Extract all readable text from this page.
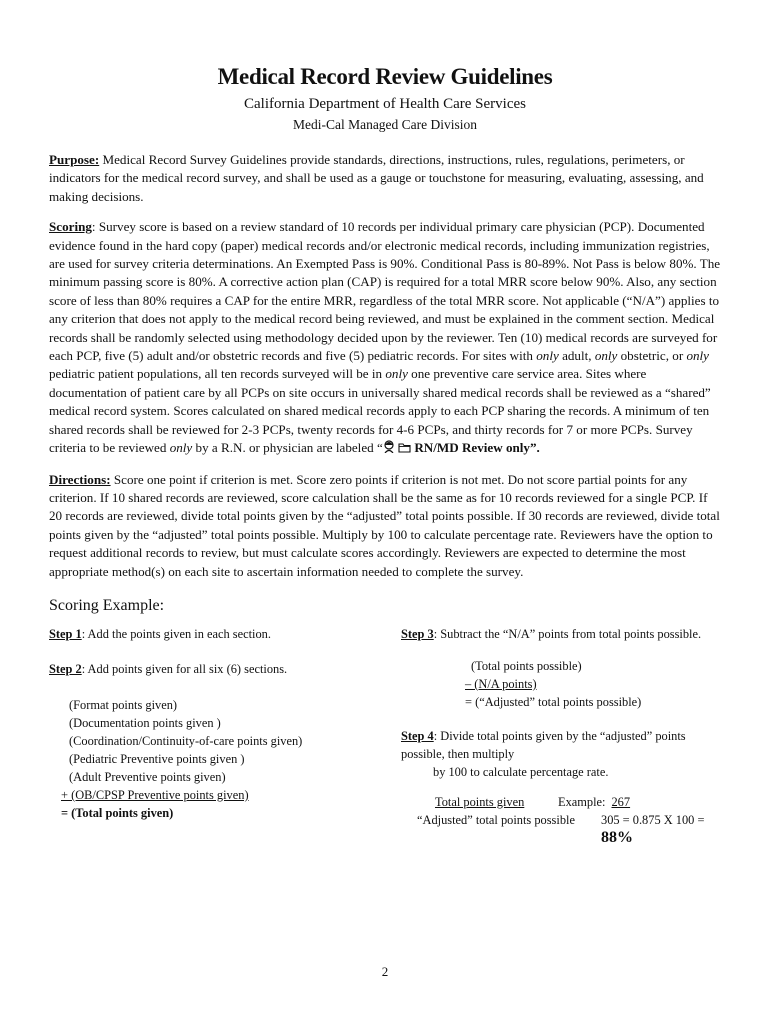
Medical Record Review Guidelines

California Department of Health Care Services

Medi-Cal Managed Care Division

Purpose: Medical Record Survey Guidelines provide standards, directions, instructions, rules, regulations, perimeters, or indicators for the medical record survey, and shall be used as a gauge or touchstone for measuring, evaluating, assessing, and making decisions.

Scoring: Survey score is based on a review standard of 10 records per individual primary care physician (PCP). Documented evidence found in the hard copy (paper) medical records and/or electronic medical records, including immunization registries, are used for survey criteria determinations. An Exempted Pass is 90%. Conditional Pass is 80-89%. Not Pass is below 80%. The minimum passing score is 80%. A corrective action plan (CAP) is required for a total MRR score below 90%. Also, any section score of less than 80% requires a CAP for the entire MRR, regardless of the total MRR score. Not applicable (“N/A”) applies to any criterion that does not apply to the medical record being reviewed, and must be explained in the comment section. Medical records shall be randomly selected using methodology decided upon by the reviewer. Ten (10) medical records are surveyed for each PCP, five (5) adult and/or obstetric records and five (5) pediatric records. For sites with only adult, only obstetric, or only pediatric patient populations, all ten records surveyed will be in only one preventive care service area. Sites where documentation of patient care by all PCPs on site occurs in universally shared medical records shall be reviewed as a “shared” medical record system. Scores calculated on shared medical records apply to each PCP sharing the records. A minimum of ten shared records shall be reviewed for 2-3 PCPs, twenty records for 4-6 PCPs, and thirty records for 7 or more PCPs. Survey criteria to be reviewed only by a R.N. or physician are labeled “  RN/MD Review only”.

Directions: Score one point if criterion is met. Score zero points if criterion is not met. Do not score partial points for any criterion. If 10 shared records are reviewed, score calculation shall be the same as for 10 records reviewed for a single PCP. If 20 records are reviewed, divide total points given by the “adjusted” total points possible. If 30 records are reviewed, divide total points given by the “adjusted” total points possible. Multiply by 100 to calculate percentage rate. Reviewers have the option to request additional records to review, but must calculate scores accordingly. Reviewers are expected to determine the most appropriate method(s) on each site to ascertain information needed to complete the survey.

Scoring Example:

Step 1: Add the points given in each section.

Step 2: Add points given for all six (6) sections.

(Format points given)
(Documentation points given )
(Coordination/Continuity-of-care points given)
(Pediatric Preventive points given )
(Adult Preventive points given)
+ (OB/CPSP Preventive points given)
= (Total points given)

Step 3: Subtract the “N/A” points from total points possible.

(Total points possible)
– (N/A points)
= (“Adjusted” total points possible)

Step 4: Divide total points given by the “adjusted” points possible, then multiply
by 100 to calculate percentage rate.

Total points given
“Adjusted” total points possible
Example: 267
305 = 0.875 X 100 = 88%
2
